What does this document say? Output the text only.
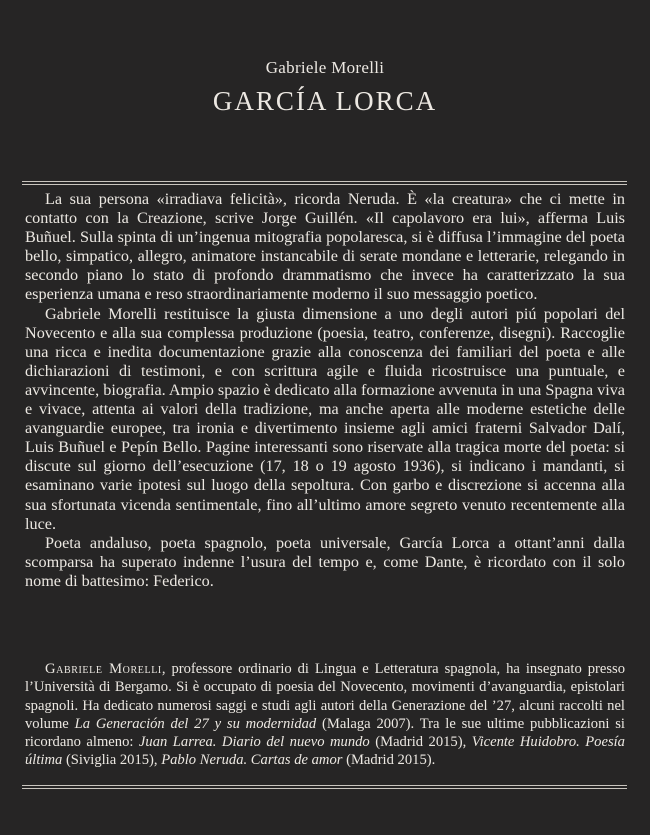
Gabriele Morelli
GARCÍA LORCA

La sua persona «irradiava felicità», ricorda Neruda. È «la creatura» che ci mette in contatto con la Creazione, scrive Jorge Guillén. «Il capolavoro era lui», afferma Luis Buñuel. Sulla spinta di un’ingenua mitografia popolaresca, si è diffusa l’immagine del poeta bello, simpatico, allegro, animatore instancabile di serate mondane e letterarie, relegando in secondo piano lo stato di profondo drammatismo che invece ha caratterizzato la sua esperienza umana e reso straordinariamente moderno il suo messaggio poetico.

Gabriele Morelli restituisce la giusta dimensione a uno degli autori piú popolari del Novecento e alla sua complessa produzione (poesia, teatro, conferenze, disegni). Raccoglie una ricca e inedita documentazione grazie alla conoscenza dei familiari del poeta e alle dichiarazioni di testimoni, e con scrittura agile e fluida ricostruisce una puntuale, e avvincente, biografia. Ampio spazio è dedicato alla formazione avvenuta in una Spagna viva e vivace, attenta ai valori della tradizione, ma anche aperta alle moderne estetiche delle avanguardie europee, tra ironia e divertimento insieme agli amici fraterni Salvador Dalí, Luis Buñuel e Pepín Bello. Pagine interessanti sono riservate alla tragica morte del poeta: si discute sul giorno dell’esecuzione (17, 18 o 19 agosto 1936), si indicano i mandanti, si esaminano varie ipotesi sul luogo della sepoltura. Con garbo e discrezione si accenna alla sua sfortunata vicenda sentimentale, fino all’ultimo amore segreto venuto recentemente alla luce.

Poeta andaluso, poeta spagnolo, poeta universale, García Lorca a ottant’anni dalla scomparsa ha superato indenne l’usura del tempo e, come Dante, è ricordato con il solo nome di battesimo: Federico.

Gabriele Morelli, professore ordinario di Lingua e Letteratura spagnola, ha insegnato presso l’Università di Bergamo. Si è occupato di poesia del Novecento, movimenti d’avanguardia, epistolari spagnoli. Ha dedicato numerosi saggi e studi agli autori della Generazione del ’27, alcuni raccolti nel volume La Generación del 27 y su modernidad (Malaga 2007). Tra le sue ultime pubblicazioni si ricordano almeno: Juan Larrea. Diario del nuevo mundo (Madrid 2015), Vicente Huidobro. Poesía última (Siviglia 2015), Pablo Neruda. Cartas de amor (Madrid 2015).
